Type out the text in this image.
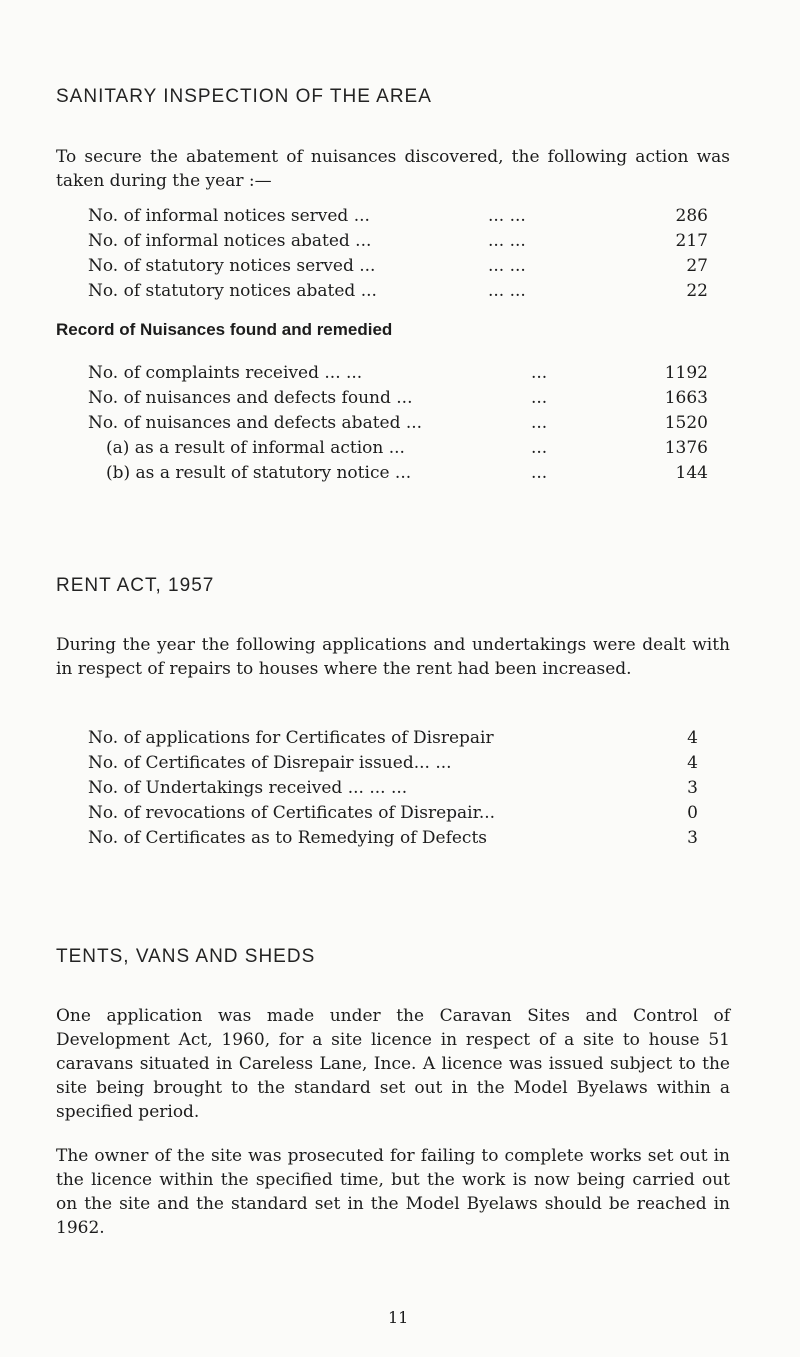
SANITARY INSPECTION OF THE AREA
To secure the abatement of nuisances discovered, the following action was taken during the year :—
No. of informal notices served ...	... ...	286
No. of informal notices abated ...	... ...	217
No. of statutory notices served ...	... ...	27
No. of statutory notices abated ...	... ...	22
Record of Nuisances found and remedied
No. of complaints received ... ...	...	1192
No. of nuisances and defects found ...	...	1663
No. of nuisances and defects abated ...	...	1520
(a) as a result of informal action ...	...	1376
(b) as a result of statutory notice ...	...	144
RENT ACT, 1957
During the year the following applications and undertakings were dealt with in respect of repairs to houses where the rent had been increased.
No. of applications for Certificates of Disrepair	4
No. of Certificates of Disrepair issued... ...	4
No. of Undertakings received ... ... ...	3
No. of revocations of Certificates of Disrepair...	0
No. of Certificates as to Remedying of Defects	3
TENTS, VANS AND SHEDS
One application was made under the Caravan Sites and Control of Development Act, 1960, for a site licence in respect of a site to house 51 caravans situated in Careless Lane, Ince. A licence was issued subject to the site being brought to the standard set out in the Model Byelaws within a specified period.
The owner of the site was prosecuted for failing to complete works set out in the licence within the specified time, but the work is now being carried out on the site and the standard set in the Model Byelaws should be reached in 1962.
11
